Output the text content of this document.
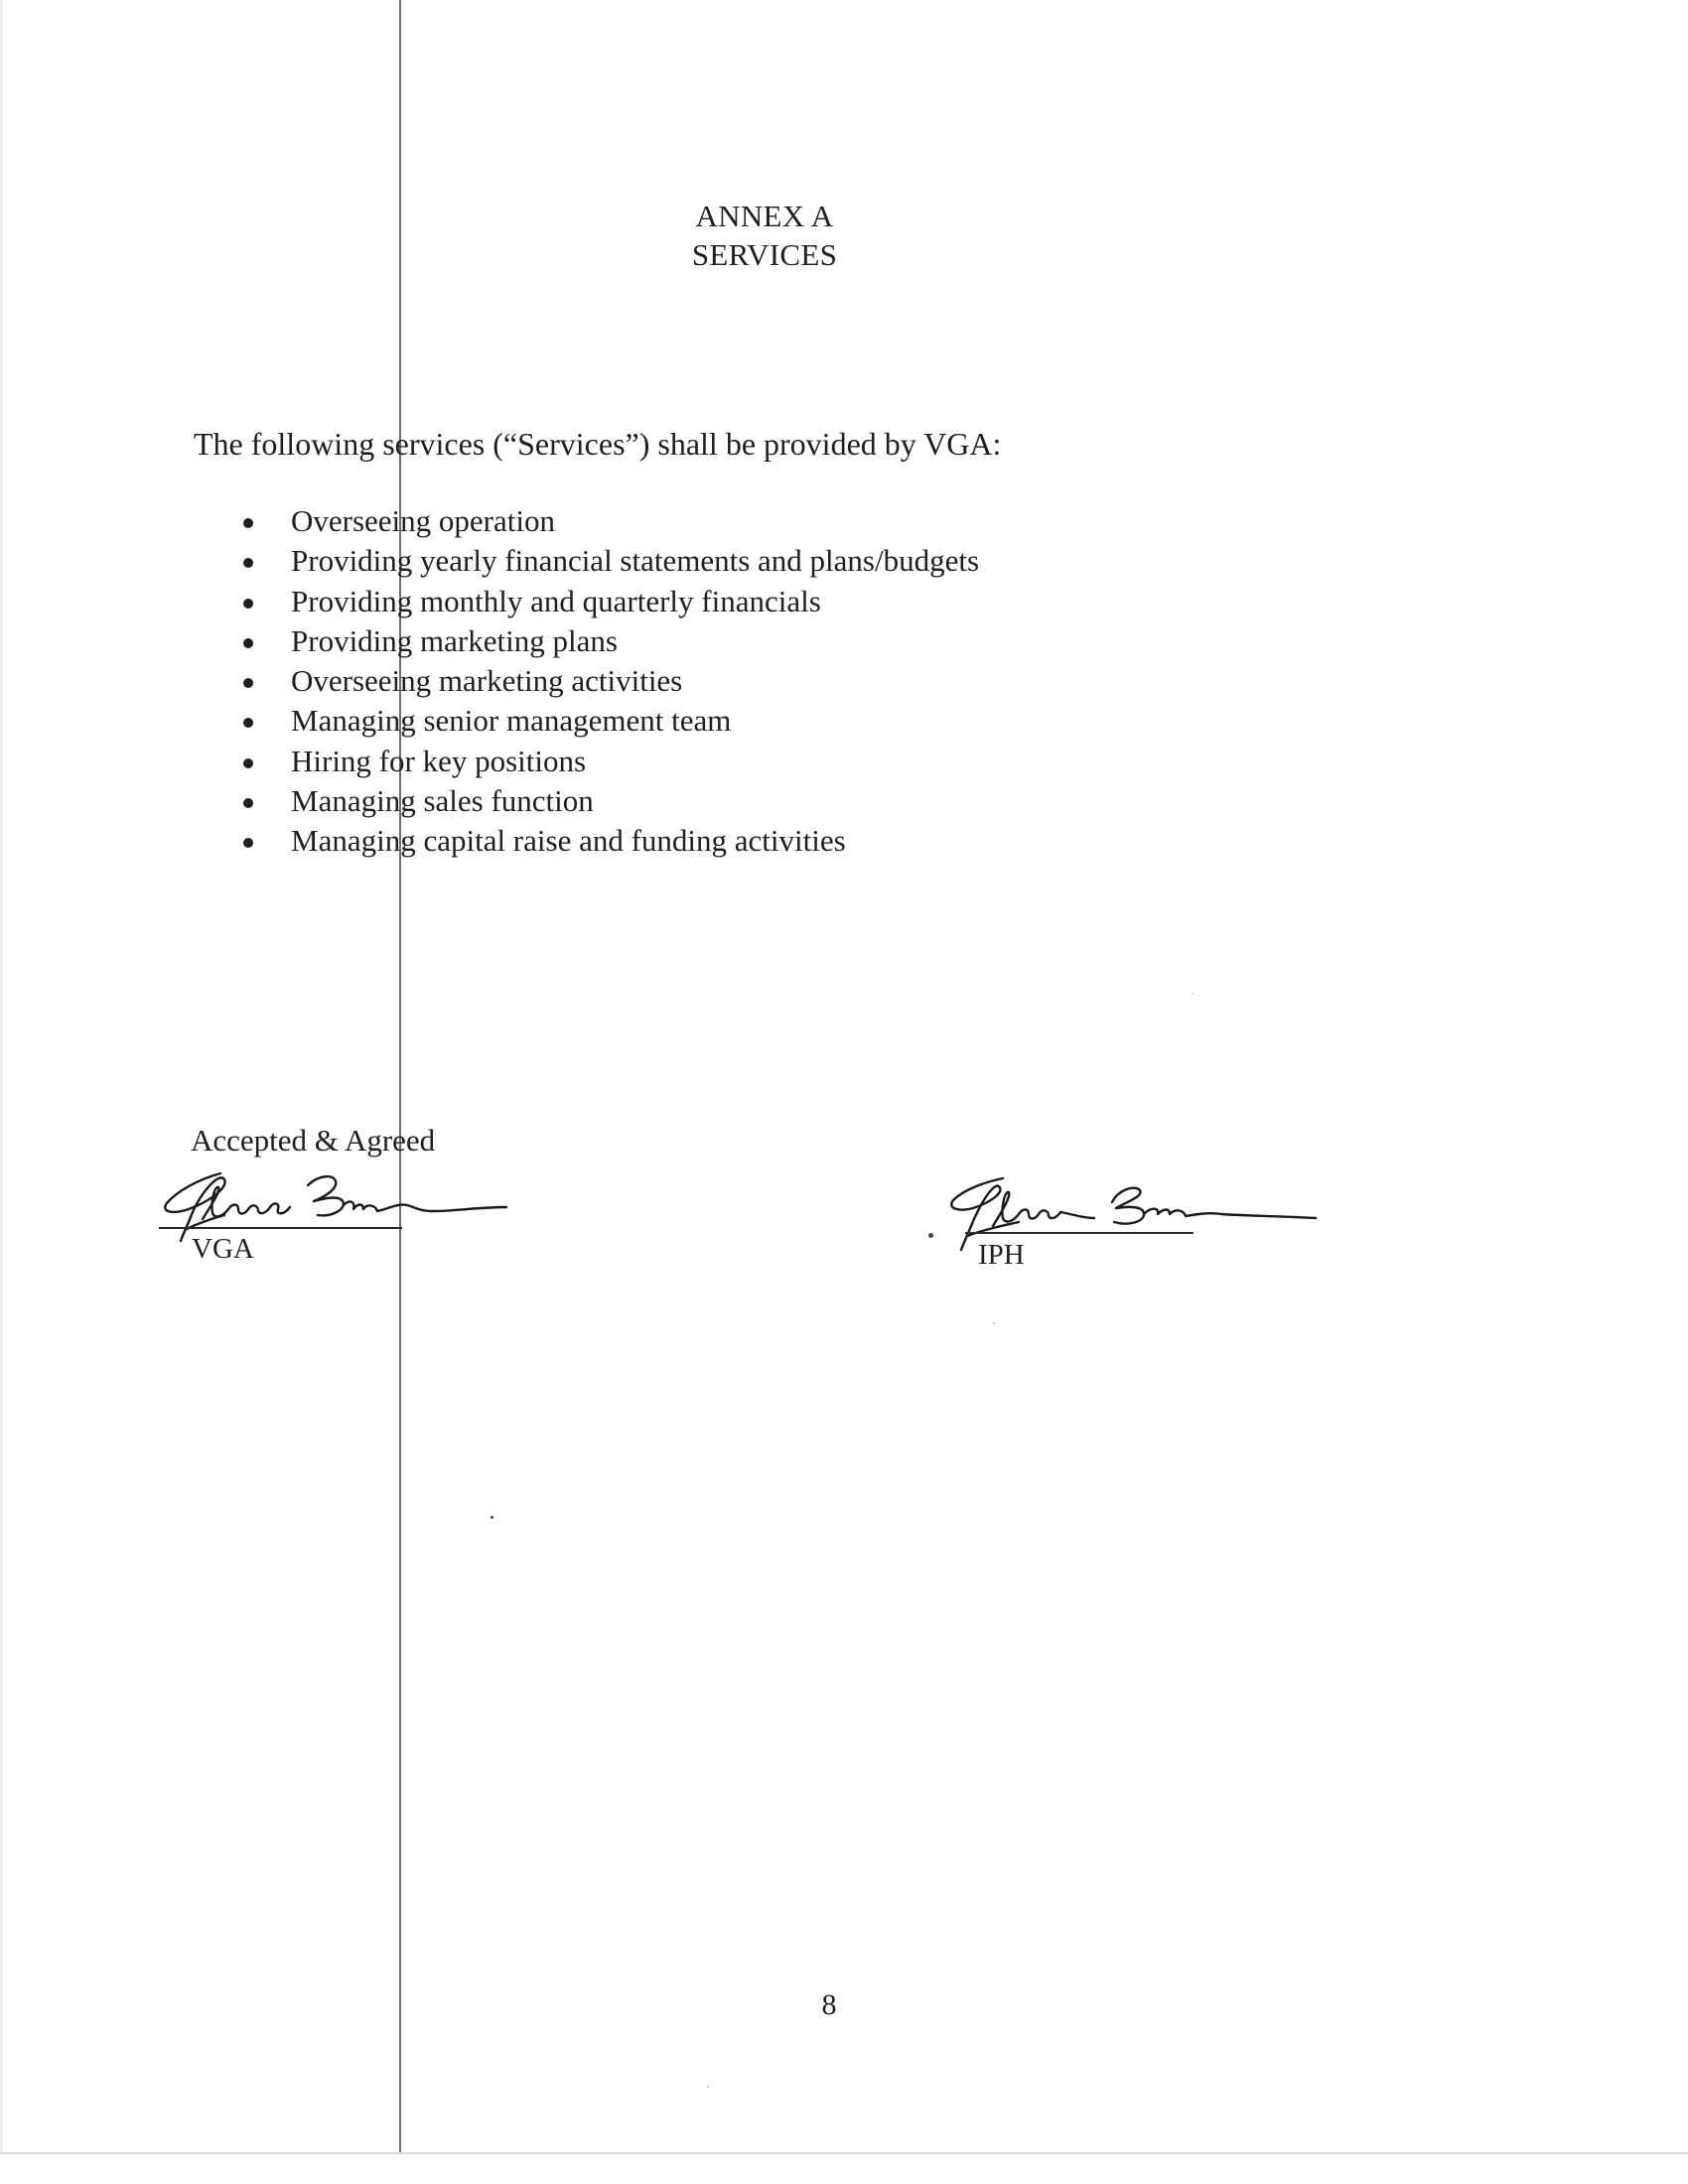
ANNEX A
SERVICES
The following services (“Services”) shall be provided by VGA:
Overseeing operation
Providing yearly financial statements and plans/budgets
Providing monthly and quarterly financials
Providing marketing plans
Overseeing marketing activities
Managing senior management team
Hiring for key positions
Managing sales function
Managing capital raise and funding activities
Accepted & Agreed
VGA	IPH
8
